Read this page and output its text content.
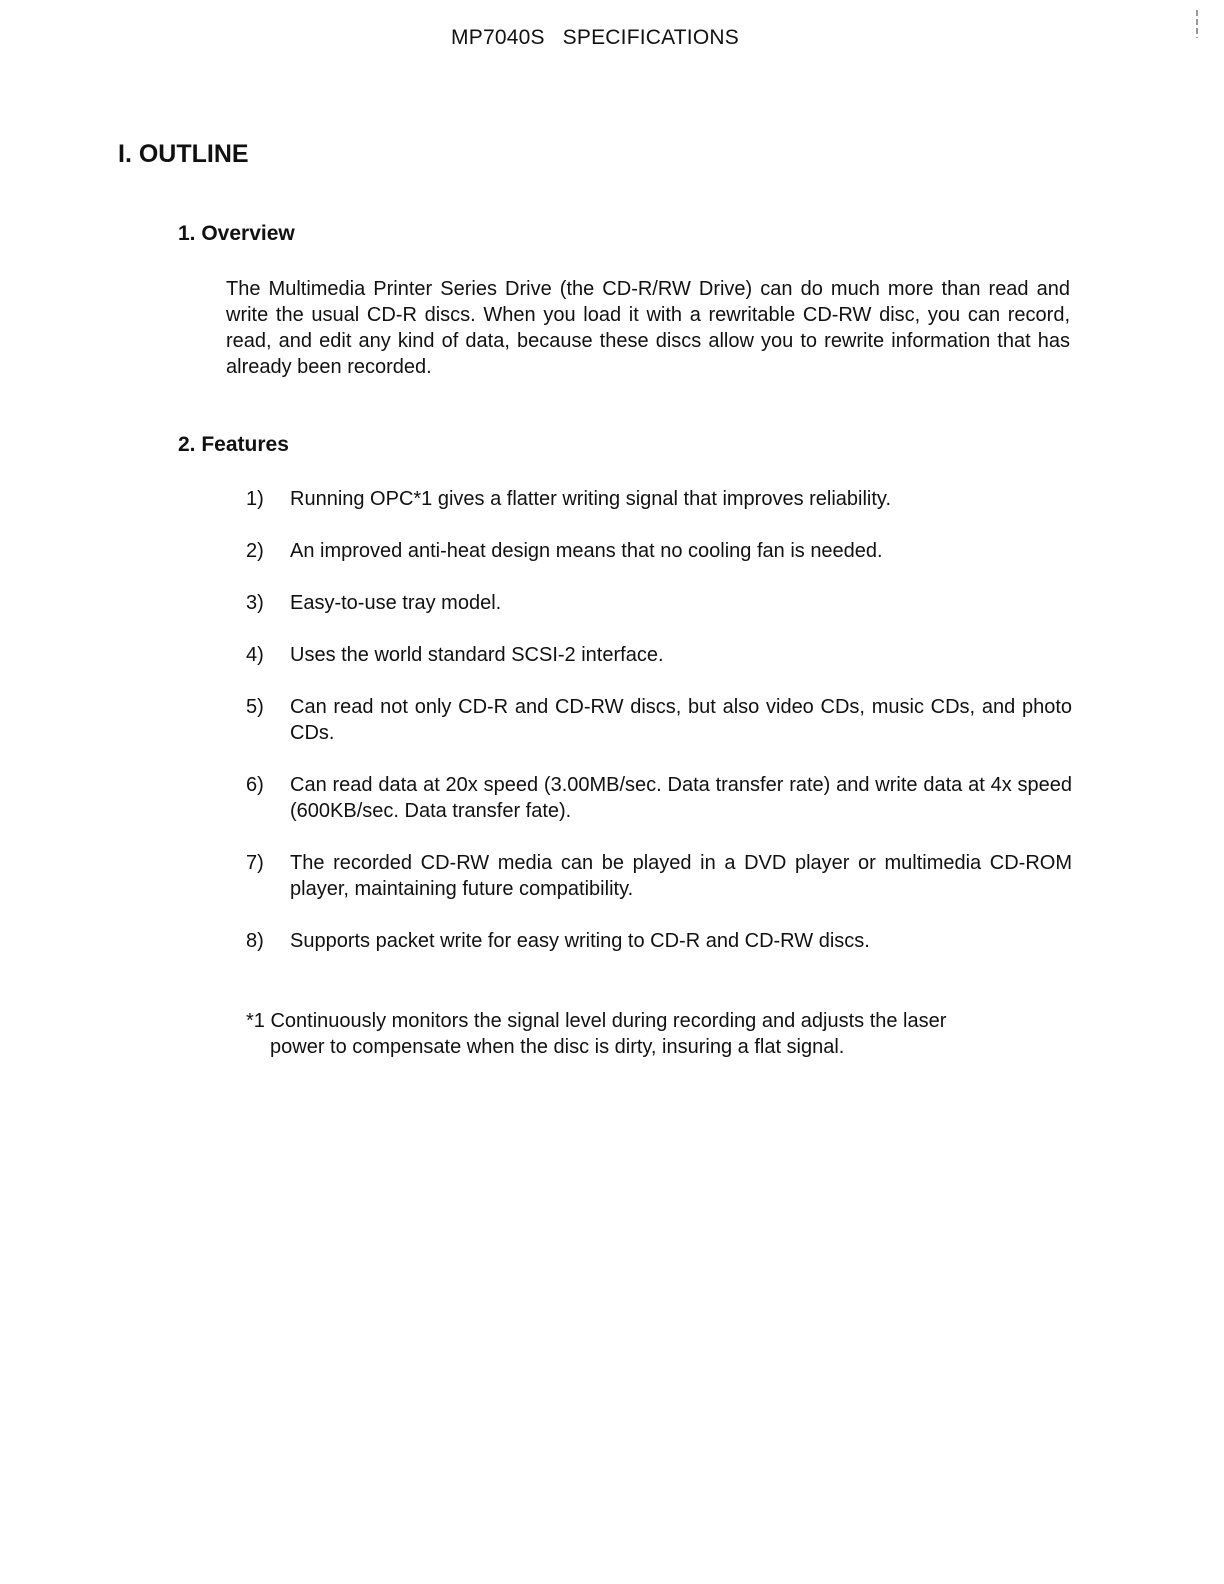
MP7040S SPECIFICATIONS
I. OUTLINE
1. Overview

The Multimedia Printer Series Drive (the CD-R/RW Drive) can do much more than read and write the usual CD-R discs. When you load it with a rewritable CD-RW disc, you can record, read, and edit any kind of data, because these discs allow you to rewrite information that has already been recorded.

2. Features
1)	Running OPC*1 gives a flatter writing signal that improves reliability.
2)	An improved anti-heat design means that no cooling fan is needed.
3)	Easy-to-use tray model.
4)	Uses the world standard SCSI-2 interface.
5)	Can read not only CD-R and CD-RW discs, but also video CDs, music CDs, and photo CDs.
6)	Can read data at 20x speed (3.00MB/sec. Data transfer rate) and write data at 4x speed (600KB/sec. Data transfer fate).
7)	The recorded CD-RW media can be played in a DVD player or multimedia CD-ROM player, maintaining future compatibility.
8)	Supports packet write for easy writing to CD-R and CD-RW discs.

*1 Continuously monitors the signal level during recording and adjusts the laser
power to compensate when the disc is dirty, insuring a flat signal.
